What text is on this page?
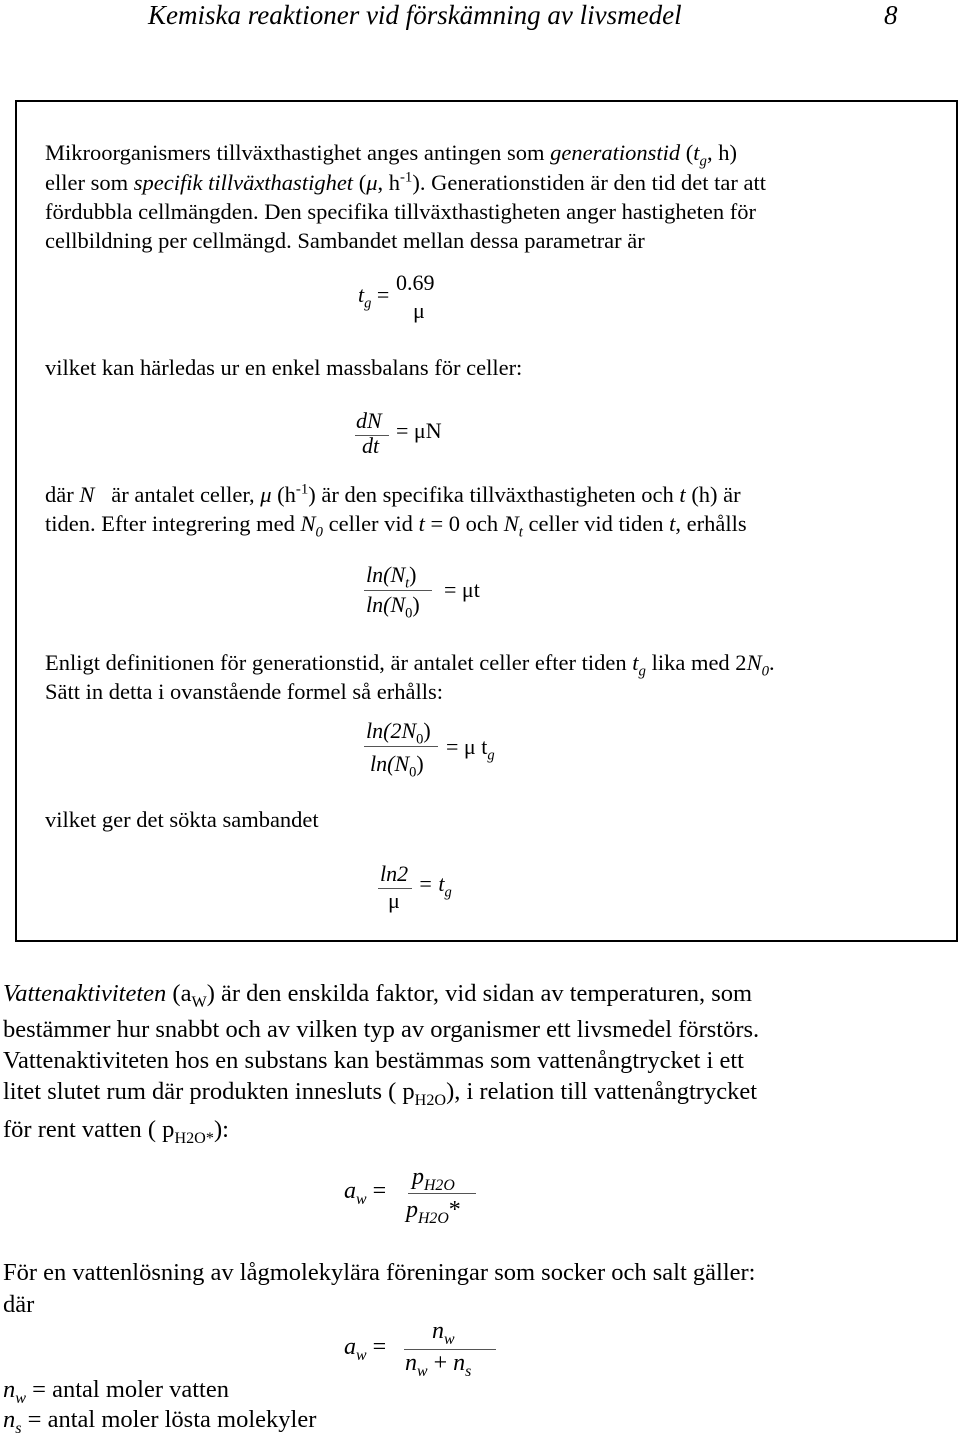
Kemiska reaktioner vid förskämning av livsmedel	8
Mikroorganismers tillväxthastighet anges antingen som generationstid ($t_g$, h)
eller som specifik tillväxthastighet (μ, $h^{-1}$). Generationstiden är den tid det tar att
fördubbla cellmängden. Den specifika tillväxthastigheten anger hastigheten för
cellbildning per cellmängd. Sambandet mellan dessa parametrar är
$t_g = 0.69$
μ
vilket kan härledas ur en enkel massbalans för celler:
dN
dt
= μN
där N är antalet celler, μ $(h^{-1})$ är den specifika tillväxthastigheten och t (h) är
tiden. Efter integrering med $N_0$ celler vid t = 0 och $N_t$ celler vid tiden t, erhålls
$\ln(N_t)$
$\ln(N_0)$
= μt
Enligt definitionen för generationstid, är antalet celler efter tiden $t_g$ lika med $2N_0$.
Sätt in detta i ovanstående formel så erhålls:
$\ln(2N_0)$
$\ln(N_0)$
= μ $t_g$
vilket ger det sökta sambandet
ln2
μ
= $t_g$
Vattenaktiviteten $(a_W)$ är den enskilda faktor, vid sidan av temperaturen, som
bestämmer hur snabbt och av vilken typ av organismer ett livsmedel förstörs.
Vattenaktiviteten hos en substans kan bestämmas som vattenångtrycket i ett
litet slutet rum där produkten innesluts ( $p_{H2O}$), i relation till vattenångtrycket
för rent vatten ( $p_{H2O*}$):
$a_w$ =
$p_{H2O}$
$p_{H2O}*$
För en vattenlösning av lågmolekylära föreningar som socker och salt gäller:
där
$a_w$ =
$n_w$
$n_w + n_s$
$n_w$ = antal moler vatten
$n_s$ = antal moler lösta molekyler
